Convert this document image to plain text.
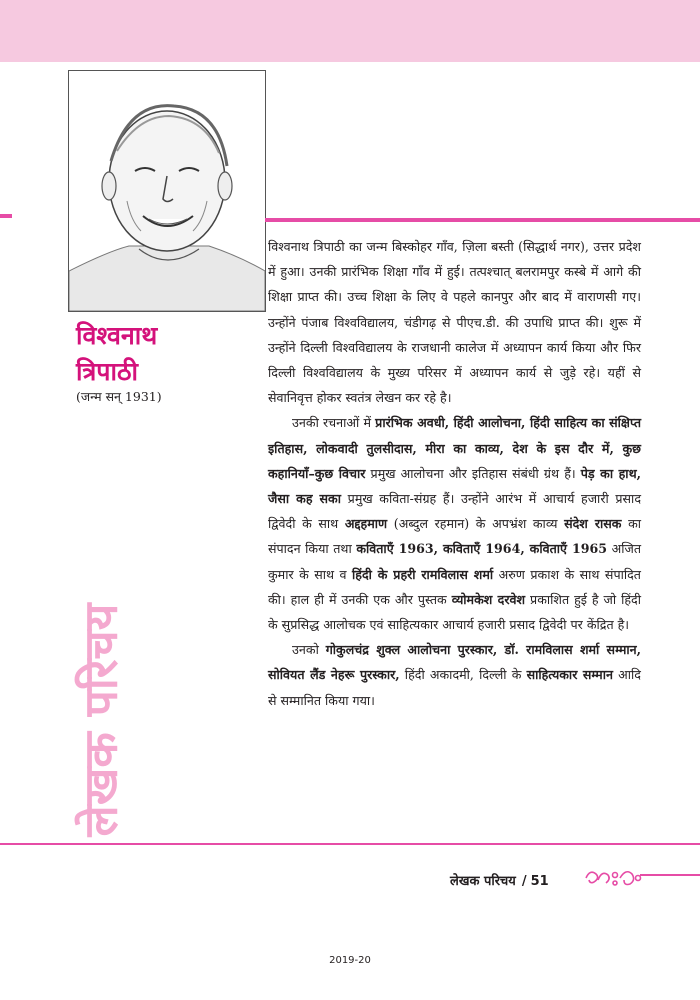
विश्वनाथ
त्रिपाठी
(जन्म सन् 1931)
लेखक परिचय

विश्वनाथ त्रिपाठी का जन्म बिस्कोहर गाँव, ज़िला बस्ती (सिद्धार्थ नगर), उत्तर प्रदेश में हुआ। उनकी प्रारंभिक शिक्षा गाँव में हुई। तत्पश्चात् बलरामपुर कस्बे में आगे की शिक्षा प्राप्त की। उच्च शिक्षा के लिए वे पहले कानपुर और बाद में वाराणसी गए। उन्होंने पंजाब विश्वविद्यालय, चंडीगढ़ से पीएच.डी. की उपाधि प्राप्त की। शुरू में उन्होंने दिल्ली विश्वविद्यालय के राजधानी कालेज में अध्यापन कार्य किया और फिर दिल्ली विश्वविद्यालय के मुख्य परिसर में अध्यापन कार्य से जुड़े रहे। यहीं से सेवानिवृत्त होकर स्वतंत्र लेखन कर रहे है।

उनकी रचनाओं में प्रारंभिक अवधी, हिंदी आलोचना, हिंदी साहित्य का संक्षिप्त इतिहास, लोकवादी तुलसीदास, मीरा का काव्य, देश के इस दौर में, कुछ कहानियाँ–कुछ विचार प्रमुख आलोचना और इतिहास संबंधी ग्रंथ हैं। पेड़ का हाथ, जैसा कह सका प्रमुख कविता-संग्रह हैं। उन्होंने आरंभ में आचार्य हजारी प्रसाद द्विवेदी के साथ अद्दहमाण (अब्दुल रहमान) के अपभ्रंश काव्य संदेश रासक का संपादन किया तथा कविताएँ 1963, कविताएँ 1964, कविताएँ 1965 अजित कुमार के साथ व हिंदी के प्रहरी रामविलास शर्मा अरुण प्रकाश के साथ संपादित की। हाल ही में उनकी एक और पुस्तक व्योमकेश दरवेश प्रकाशित हुई है जो हिंदी के सुप्रसिद्ध आलोचक एवं साहित्यकार आचार्य हजारी प्रसाद द्विवेदी पर केंद्रित है।

उनको गोकुलचंद्र शुक्ल आलोचना पुरस्कार, डॉ. रामविलास शर्मा सम्मान, सोवियत लैंड नेहरू पुरस्कार, हिंदी अकादमी, दिल्ली के साहित्यकार सम्मान आदि से सम्मानित किया गया।

लेखक परिचय / 51
2019-20
